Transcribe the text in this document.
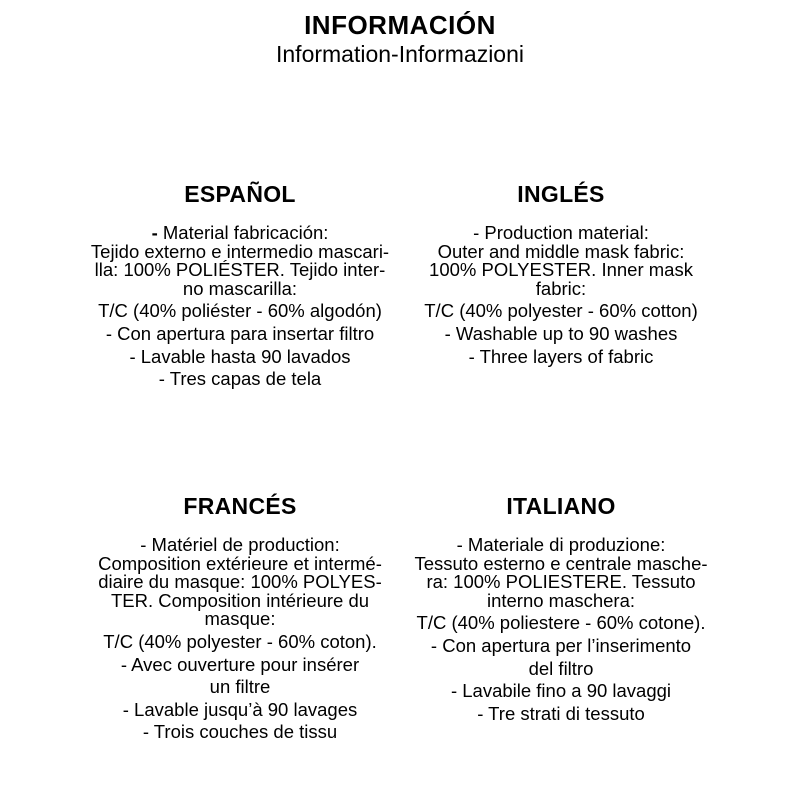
INFORMACIÓN
Information-Informazioni
ESPAÑOL

- Material fabricación:
Tejido externo e intermedio mascari-
lla: 100% POLIÉSTER. Tejido inter-
no mascarilla:

T/C (40% poliéster - 60% algodón)

- Con apertura para insertar filtro

- Lavable hasta 90 lavados

- Tres capas de tela

INGLÉS

- Production material:
Outer and middle mask fabric:
100% POLYESTER. Inner mask
fabric:

T/C (40% polyester - 60% cotton)

- Washable up to 90 washes

- Three layers of fabric

FRANCÉS

- Matériel de production:
Composition extérieure et intermé-
diaire du masque: 100% POLYES-
TER. Composition intérieure du
masque:

T/C (40% polyester - 60% coton).

- Avec ouverture pour insérer

un filtre

- Lavable jusqu’à 90 lavages

- Trois couches de tissu

ITALIANO

- Materiale di produzione:
Tessuto esterno e centrale masche-
ra: 100% POLIESTERE. Tessuto
interno maschera:

T/C (40% poliestere - 60% cotone).

- Con apertura per l’inserimento

del filtro

- Lavabile fino a 90 lavaggi

- Tre strati di tessuto
